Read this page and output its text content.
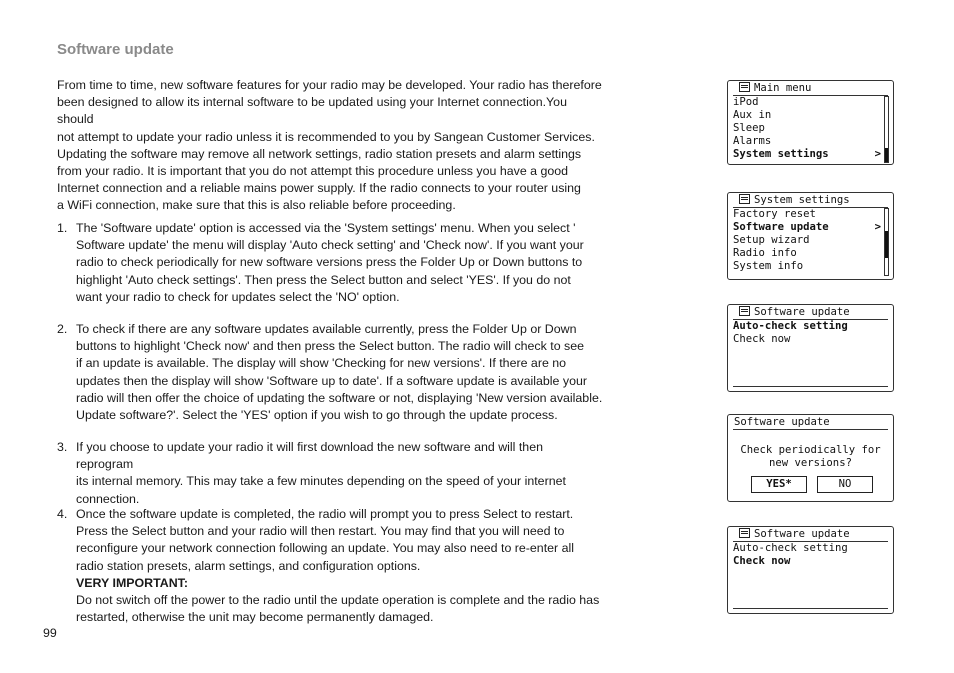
Software update
From time to time, new software features for your radio may be developed. Your radio has therefore
been designed to allow its internal software to be updated using your Internet connection.You should
not attempt to update your radio unless it is recommended to you by Sangean Customer Services.
Updating the software may remove all network settings, radio station presets and alarm settings
from your radio. It is important that you do not attempt this procedure unless you have a good
Internet connection and a reliable mains power supply. If the radio connects to your router using
a WiFi connection, make sure that this is also reliable before proceeding.
1. The 'Software update' option is accessed via the 'System settings' menu. When you select '
Software update' the menu will display 'Auto check setting' and 'Check now'. If you want your
radio to check periodically for new software versions press the Folder Up or Down buttons to
highlight 'Auto check settings'. Then press the Select button and select 'YES'. If you do not
want your radio to check for updates select the 'NO' option.
2. To check if there are any software updates available currently, press the Folder Up or Down
buttons to highlight 'Check now' and then press the Select button. The radio will check to see
if an update is available. The display will show 'Checking for new versions'. If there are no
updates then the display will show 'Software up to date'. If a software update is available your
radio will then offer the choice of updating the software or not, displaying 'New version available.
Update software?'. Select the 'YES' option if you wish to go through the update process.
3. If you choose to update your radio it will first download the new software and will then reprogram
its internal memory. This may take a few minutes depending on the speed of your internet
connection.
4. Once the software update is completed, the radio will prompt you to press Select to restart.
Press the Select button and your radio will then restart. You may find that you will need to
reconfigure your network connection following an update. You may also need to re-enter all
radio station presets, alarm settings, and configuration options.
VERY IMPORTANT:
Do not switch off the power to the radio until the update operation is complete and the radio has
restarted, otherwise the unit may become permanently damaged.
99
Main menu
iPod
Aux in
Sleep
Alarms
System settings	>
System settings
Factory reset
Software update	>
Setup wizard
Radio info
System info
Software update
Auto-check setting
Check now
Software update
Check periodically for
new versions?
YES*	NO
Software update
Auto-check setting
Check now
